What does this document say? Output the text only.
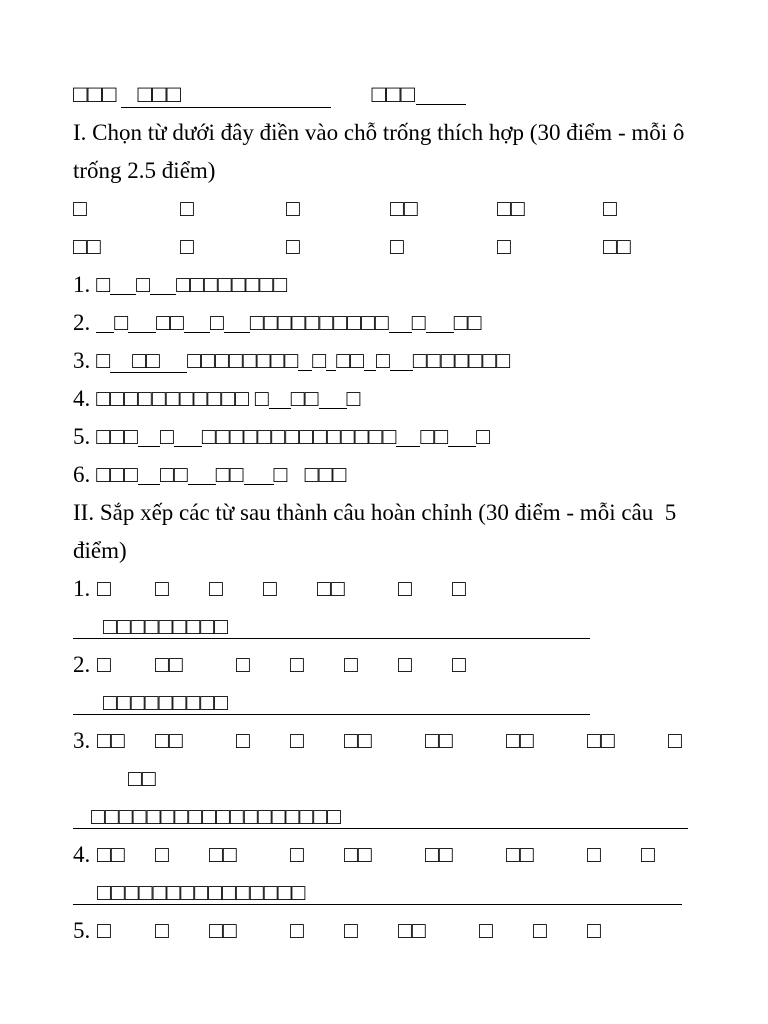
□□□ □□□	□□□
I. Chọn từ dưới đây điền vào chỗ trống thích hợp (30 điểm - mỗi ô
trống 2.5 điểm)
□	□	□	□□	□□	□
□□	□	□	□	□	□□
1. □ □ □□□□□□□□
2. □ □□ □ □□□□□□□□□□ □ □□
3. □ □□ □□□□□□□□ □ □□ □ □□□□□□□
4. □□□□□□□□□□□ □ □□ □
5. □□□ □ □□□□□□□□□□□□□□ □□ □
6. □□□ □□ □□ □   □□□
II. Sắp xếp các từ sau thành câu hoàn chỉnh (30 điểm - mỗi câu  5
điểm)
1. □ □ □ □ □□ □ □
□□□□□□□□□
2. □ □□ □ □ □ □ □
□□□□□□□□□
3. □□ □□ □ □ □□ □□ □□ □□ □
□□
□□□□□□□□□□□□□□□□□□
4. □□ □ □□ □ □□ □□ □□ □ □
□□□□□□□□□□□□□□□
5. □ □ □□ □ □ □□ □ □ □
